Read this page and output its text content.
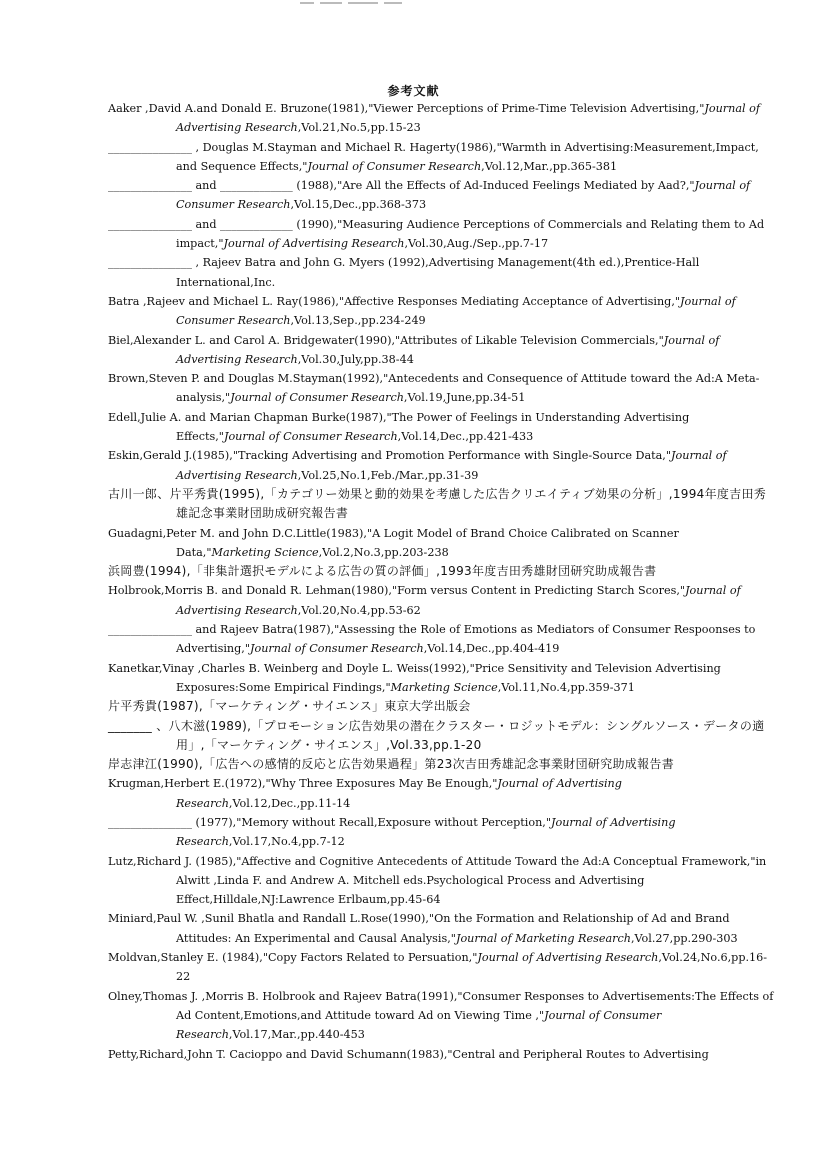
参考文献

Aaker ,David A.and Donald E. Bruzone(1981),"Viewer Perceptions of Prime-Time Television Advertising,"Journal of Advertising Research,Vol.21,No.5,pp.15-23

_______________ , Douglas M.Stayman and Michael R. Hagerty(1986),"Warmth in Advertising:Measurement,Impact, and Sequence Effects,"Journal of Consumer Research,Vol.12,Mar.,pp.365-381

_______________ and _____________ (1988),"Are All the Effects of Ad-Induced Feelings Mediated by Aad?,"Journal of Consumer Research,Vol.15,Dec.,pp.368-373

_______________ and _____________ (1990),"Measuring Audience Perceptions of Commercials and Relating them to Ad impact,"Journal of Advertising Research,Vol.30,Aug./Sep.,pp.7-17

_______________ , Rajeev Batra and John G. Myers (1992),Advertising Management(4th ed.),Prentice-Hall International,Inc.

Batra ,Rajeev and Michael L. Ray(1986),"Affective Responses Mediating Acceptance of Advertising,"Journal of Consumer Research,Vol.13,Sep.,pp.234-249

Biel,Alexander L. and Carol A. Bridgewater(1990),"Attributes of Likable Television Commercials,"Journal of Advertising Research,Vol.30,July,pp.38-44

Brown,Steven P. and Douglas M.Stayman(1992),"Antecedents and Consequence of Attitude toward the Ad:A Meta-analysis,"Journal of Consumer Research,Vol.19,June,pp.34-51

Edell,Julie A. and Marian Chapman Burke(1987),"The Power of Feelings in Understanding Advertising Effects,"Journal of Consumer Research,Vol.14,Dec.,pp.421-433

Eskin,Gerald J.(1985),"Tracking Advertising and Promotion Performance with Single-Source Data,"Journal of Advertising Research,Vol.25,No.1,Feb./Mar.,pp.31-39

古川一郎、片平秀貴(1995),「カテゴリー効果と動的効果を考慮した広告クリエイティブ効果の分析」,1994年度吉田秀雄記念事業財団助成研究報告書

Guadagni,Peter M. and John D.C.Little(1983),"A Logit Model of Brand Choice Calibrated on Scanner Data,"Marketing Science,Vol.2,No.3,pp.203-238

浜岡豊(1994),「非集計選択モデルによる広告の質の評価」,1993年度吉田秀雄財団研究助成報告書

Holbrook,Morris B. and Donald R. Lehman(1980),"Form versus Content in Predicting Starch Scores,"Journal of Advertising Research,Vol.20,No.4,pp.53-62

_______________ and Rajeev Batra(1987),"Assessing the Role of Emotions as Mediators of Consumer Respoonses to Advertising,"Journal of Consumer Research,Vol.14,Dec.,pp.404-419

Kanetkar,Vinay ,Charles B. Weinberg and Doyle L. Weiss(1992),"Price Sensitivity and Television Advertising Exposures:Some Empirical Findings,"Marketing Science,Vol.11,No.4,pp.359-371

片平秀貴(1987),「マーケティング・サイエンス」東京大学出版会

_______ 、八木滋(1989),「プロモーション広告効果の潜在クラスター・ロジットモデル：シングルソース・データの適用」,「マーケティング・サイエンス」,Vol.33,pp.1-20

岸志津江(1990),「広告への感情的反応と広告効果過程」第23次吉田秀雄記念事業財団研究助成報告書

Krugman,Herbert E.(1972),"Why Three Exposures May Be Enough,"Journal of Advertising Research,Vol.12,Dec.,pp.11-14

_______________ (1977),"Memory without Recall,Exposure without Perception,"Journal of Advertising Research,Vol.17,No.4,pp.7-12

Lutz,Richard J. (1985),"Affective and Cognitive Antecedents of Attitude Toward the Ad:A Conceptual Framework,"in Alwitt ,Linda F. and Andrew A. Mitchell eds.Psychological Process and Advertising Effect,Hilldale,NJ:Lawrence Erlbaum,pp.45-64

Miniard,Paul W. ,Sunil Bhatla and Randall L.Rose(1990),"On the Formation and Relationship of Ad and Brand Attitudes: An Experimental and Causal Analysis,"Journal of Marketing Research,Vol.27,pp.290-303

Moldvan,Stanley E. (1984),"Copy Factors Related to Persuation,"Journal of Advertising Research,Vol.24,No.6,pp.16-22

Olney,Thomas J. ,Morris B. Holbrook and Rajeev Batra(1991),"Consumer Responses to Advertisements:The Effects of Ad Content,Emotions,and Attitude toward Ad on Viewing Time ,"Journal of Consumer Research,Vol.17,Mar.,pp.440-453

Petty,Richard,John T. Cacioppo and David Schumann(1983),"Central and Peripheral Routes to Advertising
